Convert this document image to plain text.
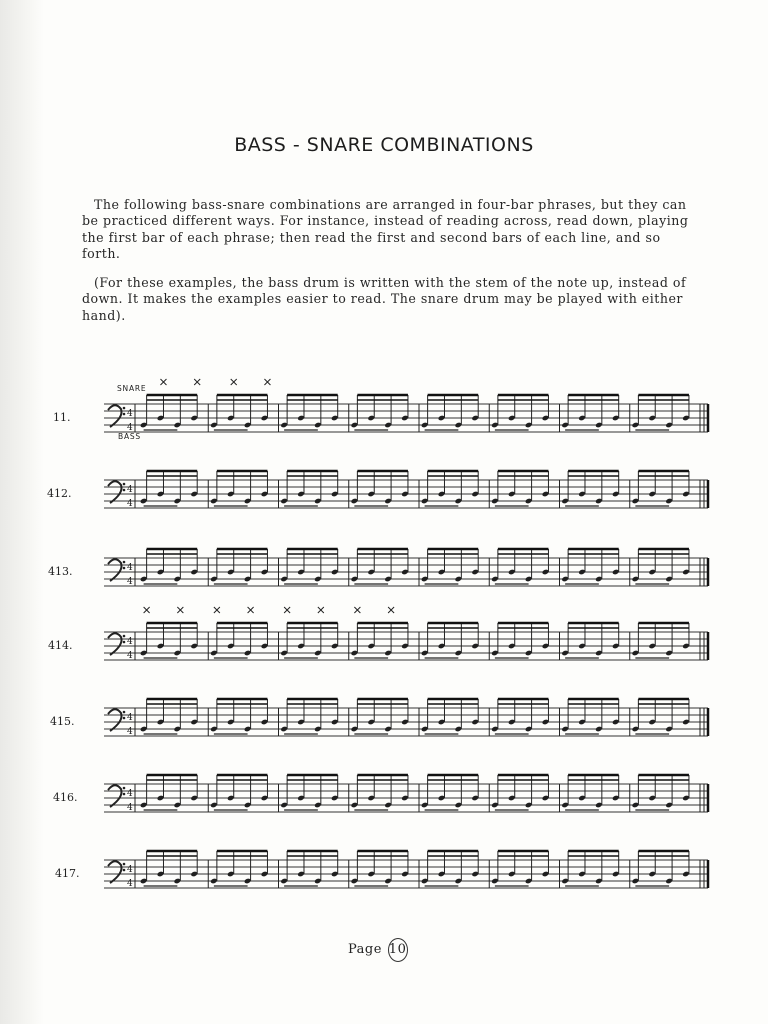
BASS - SNARE COMBINATIONS

The following bass-snare combinations are arranged in four-bar phrases, but they can be practiced different ways. For instance, instead of reading across, read down, playing the first bar of each phrase; then read the first and second bars of each line, and so forth.

(For these examples, the bass drum is written with the stem of the note up, instead of down. It makes the examples easier to read. The snare drum may be played with either hand).

4
4
4
4
4
4
4
4
4
4
4
4
4
4
SNARE
BASS
11.
412.
413.
414.
415.
416.
417.
Page 10
